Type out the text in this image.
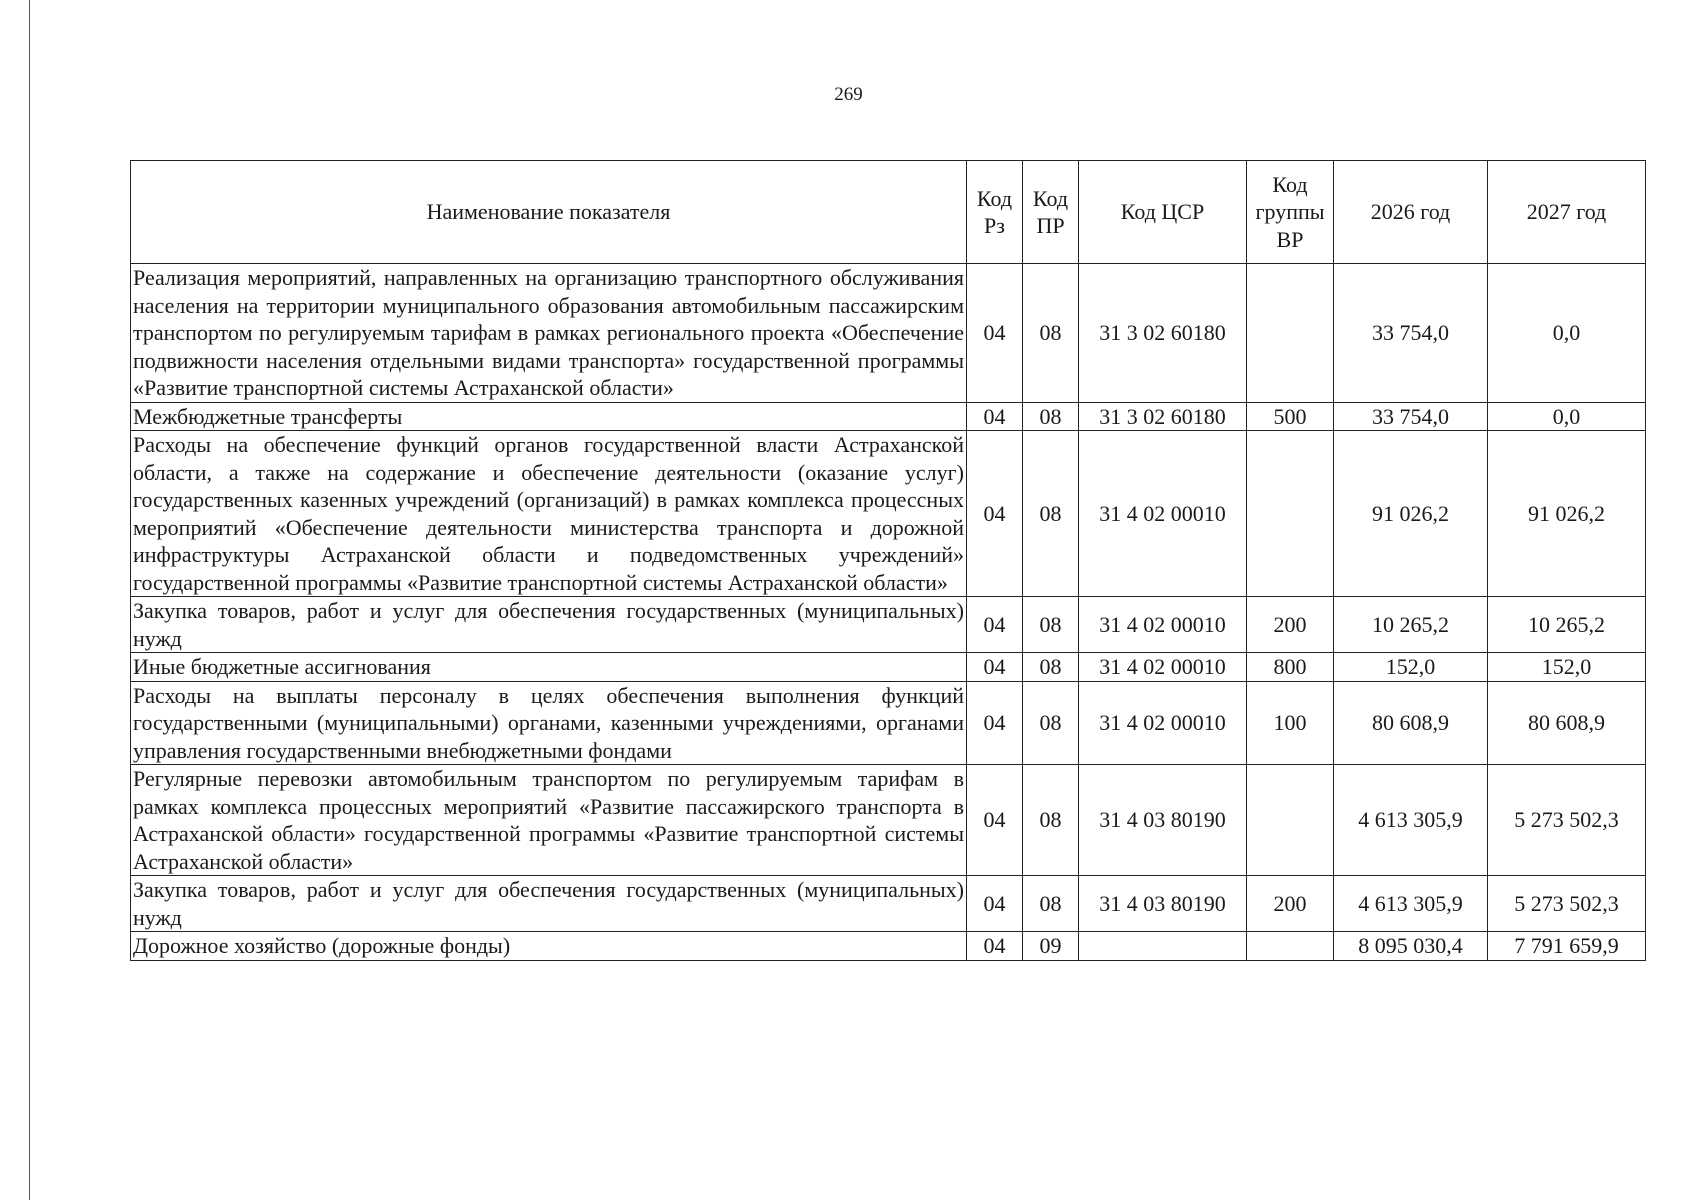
269
Наименование показателя	Код Рз	Код ПР	Код ЦСР	Код группы ВР	2026 год	2027 год
Реализация мероприятий, направленных на организацию транспортного обслуживания населения на территории муниципального образования автомобильным пассажирским транспортом по регулируемым тарифам в рамках регионального проекта «Обеспечение подвижности населения отдельными видами транспорта» государственной программы «Развитие транспортной системы Астраханской области»	04	08	31 3 02 60180		33 754,0	0,0
Межбюджетные трансферты	04	08	31 3 02 60180	500	33 754,0	0,0
Расходы на обеспечение функций органов государственной власти Астраханской области, а также на содержание и обеспечение деятельности (оказание услуг) государственных казенных учреждений (организаций) в рамках комплекса процессных мероприятий «Обеспечение деятельности министерства транспорта и дорожной инфраструктуры Астраханской области и подведомственных учреждений» государственной программы «Развитие транспортной системы Астраханской области»	04	08	31 4 02 00010		91 026,2	91 026,2
Закупка товаров, работ и услуг для обеспечения государственных (муниципальных) нужд	04	08	31 4 02 00010	200	10 265,2	10 265,2
Иные бюджетные ассигнования	04	08	31 4 02 00010	800	152,0	152,0
Расходы на выплаты персоналу в целях обеспечения выполнения функций государственными (муниципальными) органами, казенными учреждениями, органами управления государственными внебюджетными фондами	04	08	31 4 02 00010	100	80 608,9	80 608,9
Регулярные перевозки автомобильным транспортом по регулируемым тарифам в рамках комплекса процессных мероприятий «Развитие пассажирского транспорта в Астраханской области» государственной программы «Развитие транспортной системы Астраханской области»	04	08	31 4 03 80190		4 613 305,9	5 273 502,3
Закупка товаров, работ и услуг для обеспечения государственных (муниципальных) нужд	04	08	31 4 03 80190	200	4 613 305,9	5 273 502,3
Дорожное хозяйство (дорожные фонды)	04	09			8 095 030,4	7 791 659,9
